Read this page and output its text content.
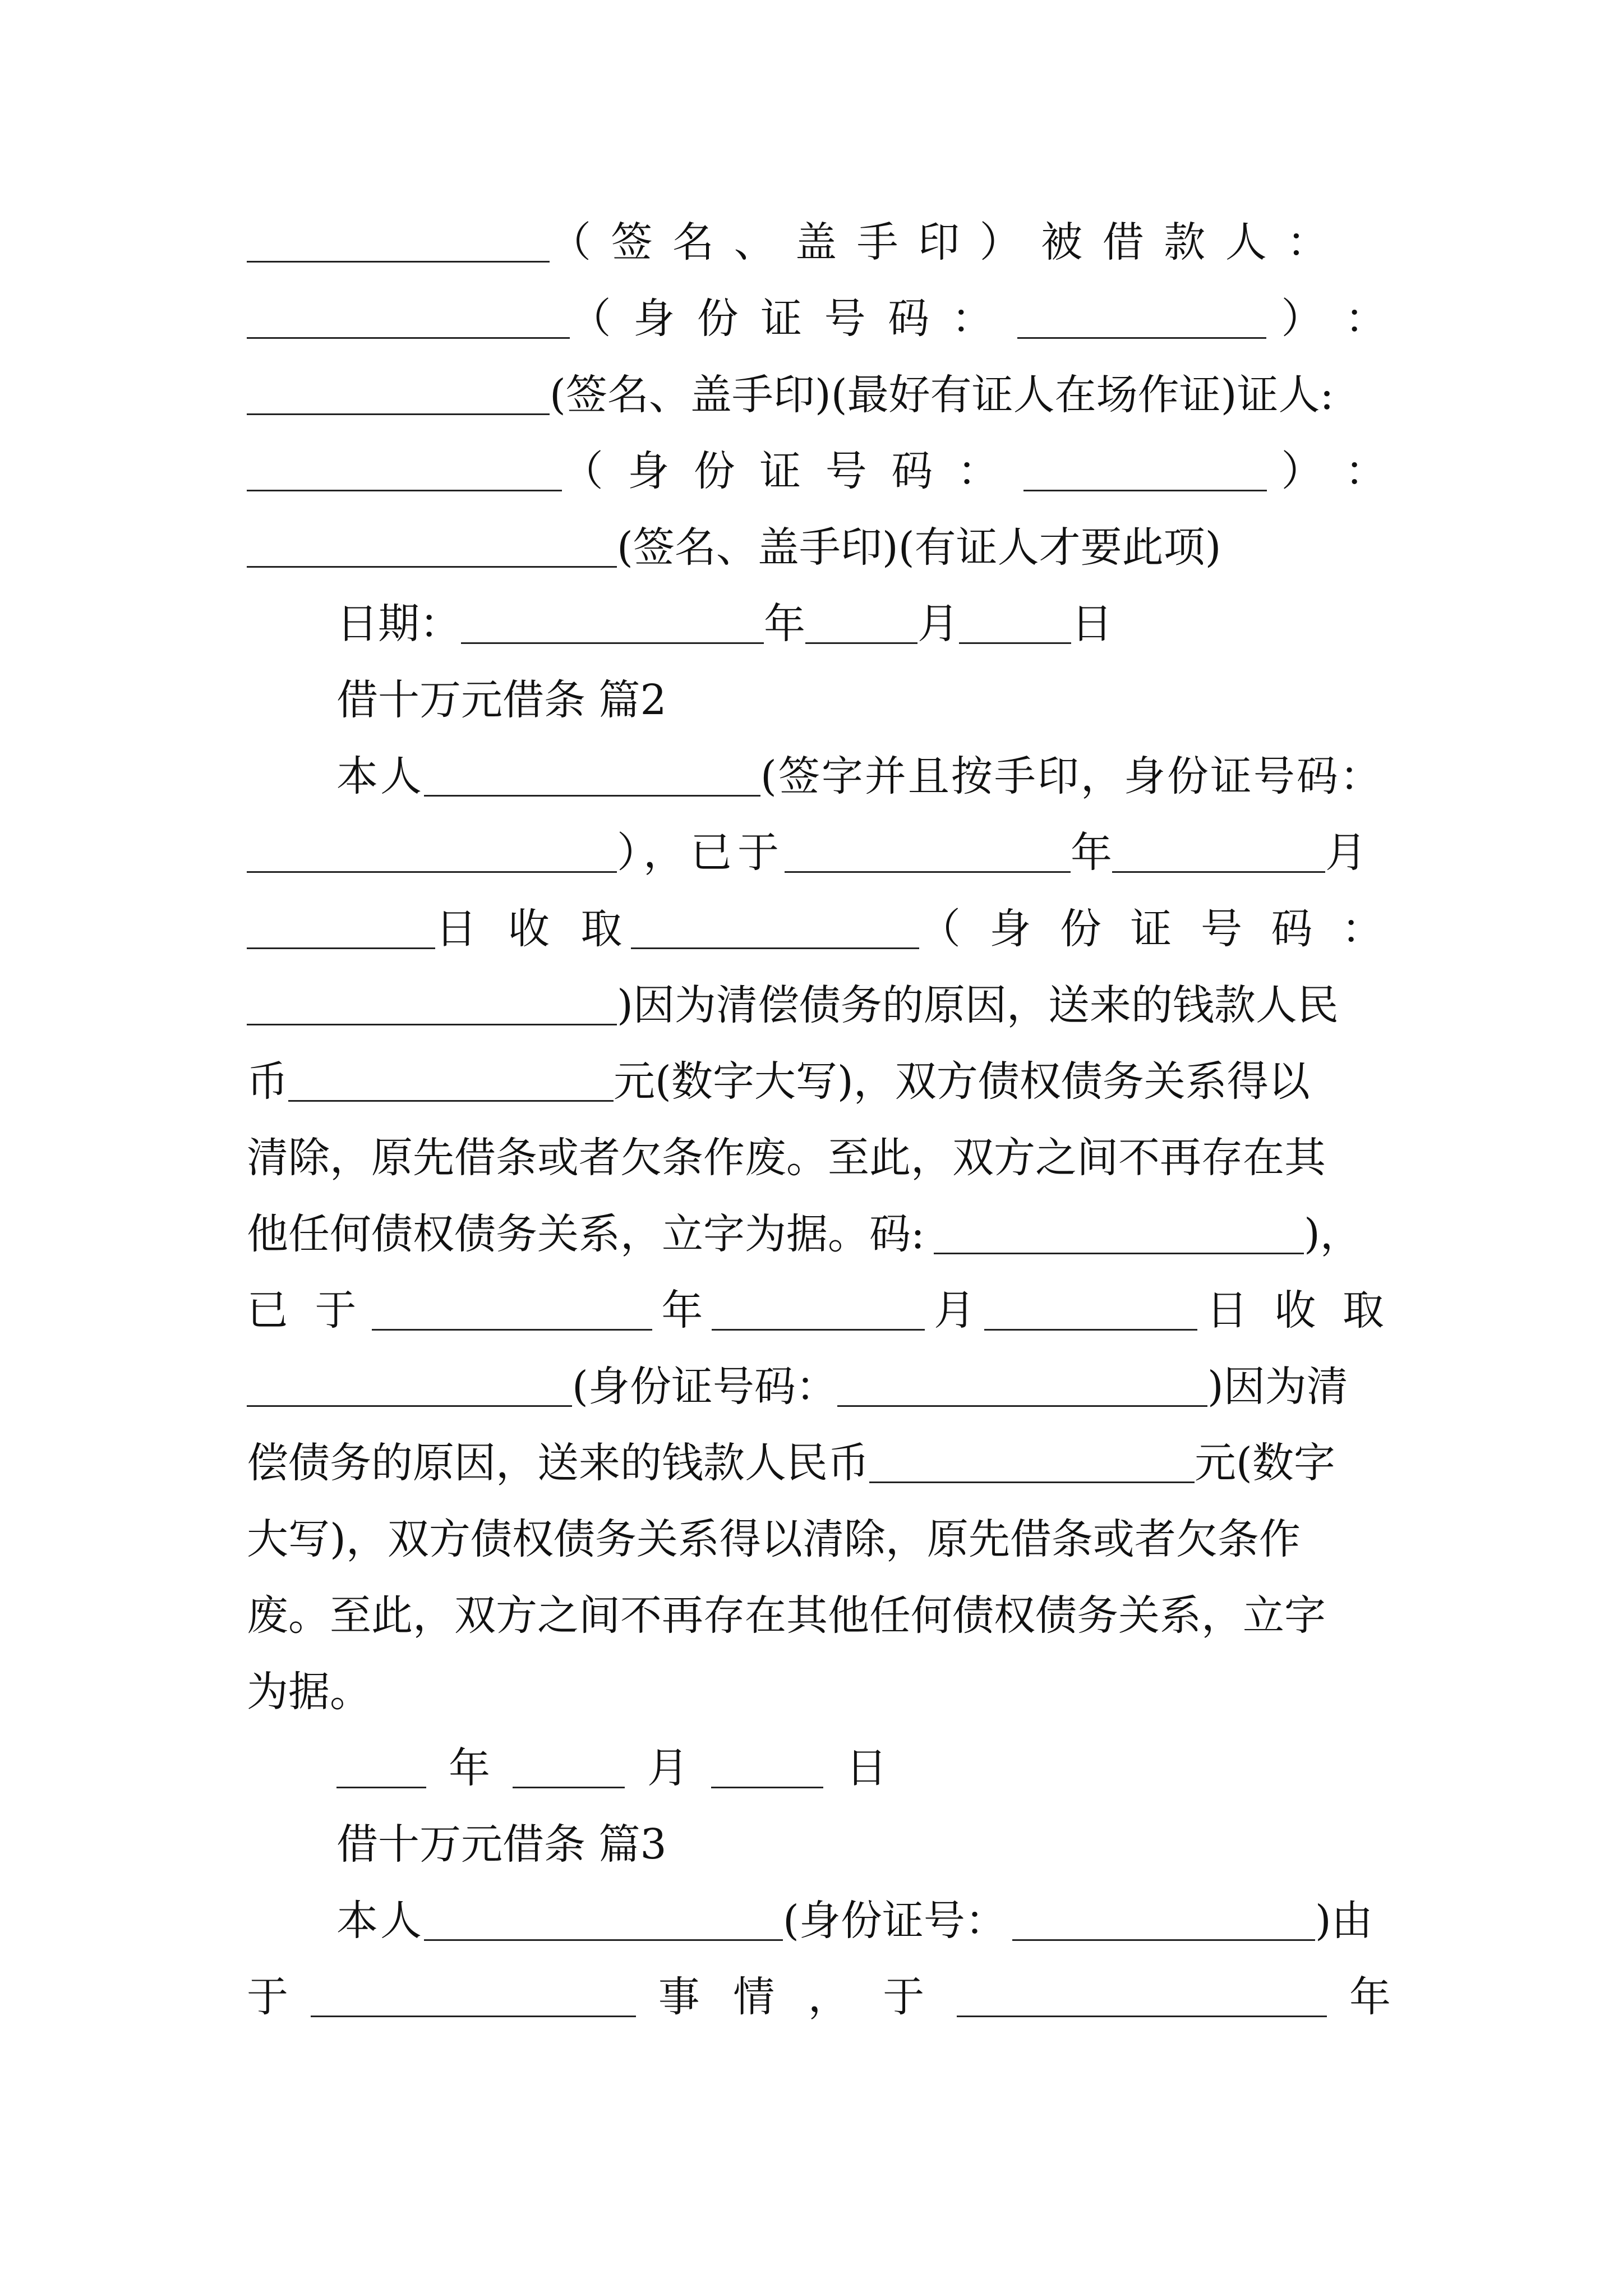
（ 签 名 、 盖 手 印 ） 被 借 款 人 ：
（ 身 份 证 号 码 ：	） ：
(签名、盖手印)(最好有证人在场作证)证人:
（ 身 份 证 号 码 ：	） ：
(签名、盖手印)(有证人才要此项)
日期：	年	月	日
借十万元借条 篇2
本人	(签字并且按手印，身份证号码：
），已于	年	月
日 收 取	（ 身 份 证 号 码 ：
)因为清偿债务的原因，送来的钱款人民
币	元(数字大写)，双方债权债务关系得以
清除，原先借条或者欠条作废。至此，双方之间不再存在其
他任何债权债务关系，立字为据。码:	)，
已 于	年	月	日 收 取
(身份证号码：	)因为清
偿债务的原因，送来的钱款人民币	元(数字
大写)，双方债权债务关系得以清除，原先借条或者欠条作
废。至此，双方之间不再存在其他任何债权债务关系，立字
为据。
年	月	日
借十万元借条 篇3
本人	(身份证号：	)由
于	事 情 ， 于	年
